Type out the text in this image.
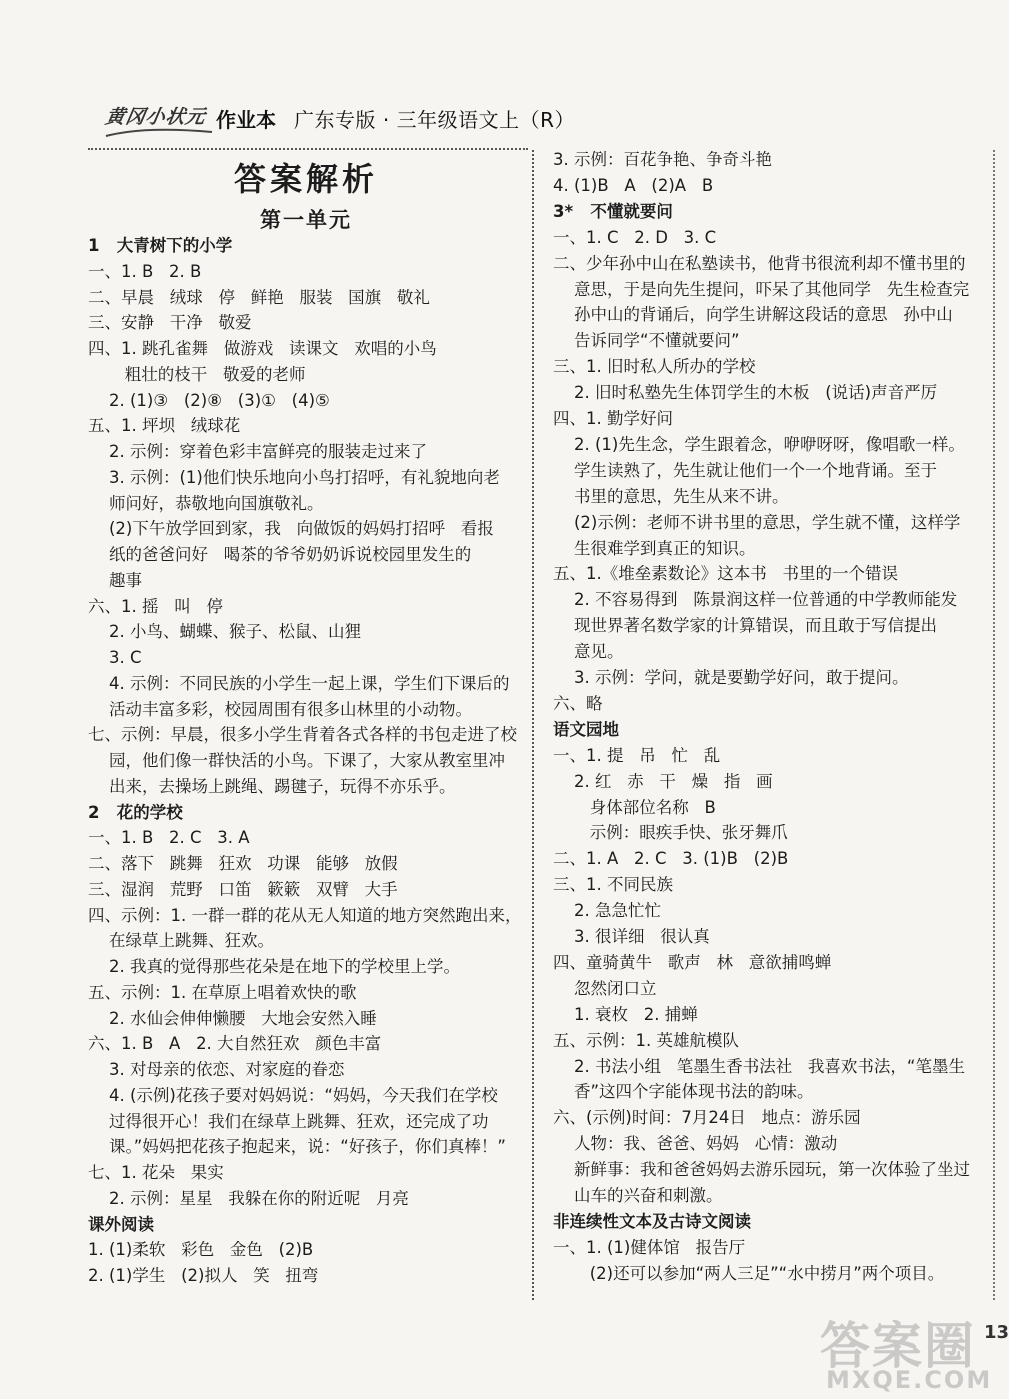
黄冈小状元 作业本 广东专版 · 三年级语文上（R）
答案解析
第一单元
1   大青树下的小学
一、1. B   2. B
二、早晨   绒球   停   鲜艳   服装   国旗   敬礼
三、安静   干净   敬爱
四、1. 跳孔雀舞   做游戏   读课文   欢唱的小鸟
粗壮的枝干   敬爱的老师
2. (1)③   (2)⑧   (3)①   (4)⑤
五、1. 坪坝   绒球花
2. 示例：穿着色彩丰富鲜亮的服装走过来了
3. 示例：(1)他们快乐地向小鸟打招呼，有礼貌地向老
师问好，恭敬地向国旗敬礼。
(2)下午放学回到家，我   向做饭的妈妈打招呼   看报
纸的爸爸问好   喝茶的爷爷奶奶诉说校园里发生的
趣事
六、1. 摇   叫   停
2. 小鸟、蝴蝶、猴子、松鼠、山狸
3. C
4. 示例：不同民族的小学生一起上课，学生们下课后的
活动丰富多彩，校园周围有很多山林里的小动物。
七、示例：早晨，很多小学生背着各式各样的书包走进了校
园，他们像一群快活的小鸟。下课了，大家从教室里冲
出来，去操场上跳绳、踢毽子，玩得不亦乐乎。
2   花的学校
一、1. B   2. C   3. A
二、落下   跳舞   狂欢   功课   能够   放假
三、湿润   荒野   口笛   簌簌   双臂   大手
四、示例：1. 一群一群的花从无人知道的地方突然跑出来，
在绿草上跳舞、狂欢。
2. 我真的觉得那些花朵是在地下的学校里上学。
五、示例：1. 在草原上唱着欢快的歌
2. 水仙会伸伸懒腰   大地会安然入睡
六、1. B   A   2. 大自然狂欢   颜色丰富
3. 对母亲的依恋、对家庭的眷恋
4. (示例)花孩子要对妈妈说：“妈妈，今天我们在学校
过得很开心！我们在绿草上跳舞、狂欢，还完成了功
课。”妈妈把花孩子抱起来，说：“好孩子，你们真棒！”
七、1. 花朵   果实
2. 示例：星星   我躲在你的附近呢   月亮
课外阅读
1. (1)柔软   彩色   金色   (2)B
2. (1)学生   (2)拟人   笑   扭弯
3. 示例：百花争艳、争奇斗艳
4. (1)B   A   (2)A   B
3*   不懂就要问
一、1. C   2. D   3. C
二、少年孙中山在私塾读书，他背书很流利却不懂书里的
意思，于是向先生提问，吓呆了其他同学   先生检查完
孙中山的背诵后，向学生讲解这段话的意思   孙中山
告诉同学“不懂就要问”
三、1. 旧时私人所办的学校
2. 旧时私塾先生体罚学生的木板   (说话)声音严厉
四、1. 勤学好问
2. (1)先生念，学生跟着念，咿咿呀呀，像唱歌一样。
学生读熟了，先生就让他们一个一个地背诵。至于
书里的意思，先生从来不讲。
(2)示例：老师不讲书里的意思，学生就不懂，这样学
生很难学到真正的知识。
五、1.《堆垒素数论》这本书   书里的一个错误
2. 不容易得到   陈景润这样一位普通的中学教师能发
现世界著名数学家的计算错误，而且敢于写信提出
意见。
3. 示例：学问，就是要勤学好问，敢于提问。
六、略
语文园地
一、1. 提   吊   忙   乱
2. 红   赤   干   燥   指   画
身体部位名称   B
示例：眼疾手快、张牙舞爪
二、1. A   2. C   3. (1)B   (2)B
三、1. 不同民族
2. 急急忙忙
3. 很详细   很认真
四、童骑黄牛   歌声   林   意欲捕鸣蝉
忽然闭口立
1. 衰枚   2. 捕蝉
五、示例：1. 英雄航模队
2. 书法小组   笔墨生香书法社   我喜欢书法，“笔墨生
香”这四个字能体现书法的韵味。
六、(示例)时间：7月24日   地点：游乐园
人物：我、爸爸、妈妈   心情：激动
新鲜事：我和爸爸妈妈去游乐园玩，第一次体验了坐过
山车的兴奋和刺激。
非连续性文本及古诗文阅读
一、1. (1)健体馆   报告厅
(2)还可以参加“两人三足”“水中捞月”两个项目。
13
答案圈
MXQE.COM
